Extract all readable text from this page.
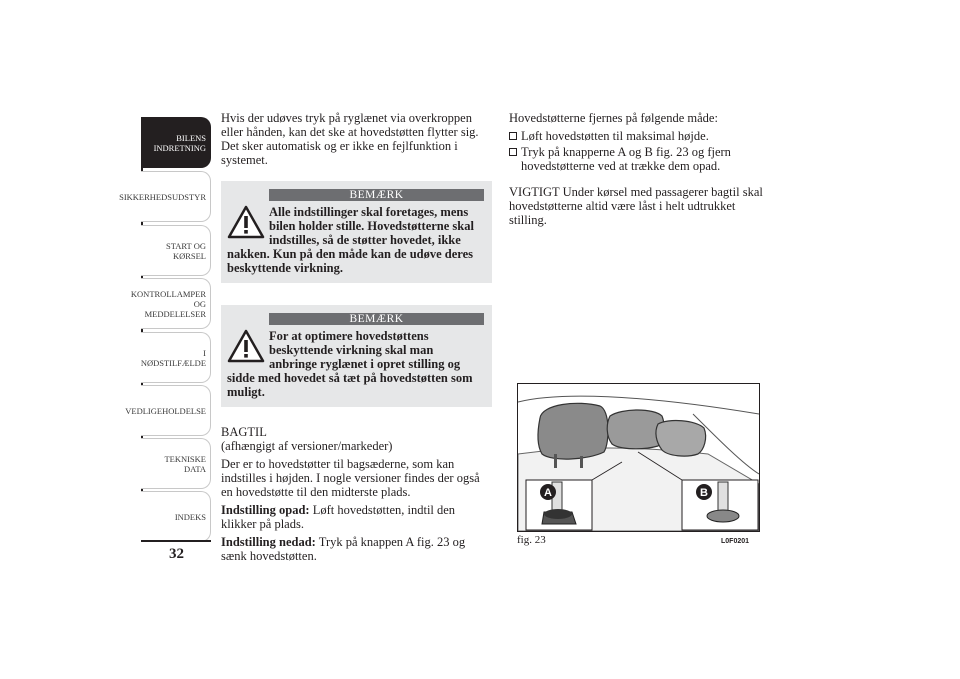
BILENS
INDRETNING
SIKKERHEDSUDSTYR
START OG KØRSEL
KONTROLLAMPER
OG MEDDELELSER
I NØDSTILFÆLDE
VEDLIGEHOLDELSE
TEKNISKE DATA
INDEKS
32

Hvis der udøves tryk på ryglænet via overkroppen eller hånden, kan det ske at hovedstøtten flytter sig. Det sker automatisk og er ikke en fejlfunktion i systemet.

BEMÆRK
Alle indstillinger skal foretages, mens bilen holder stille. Hovedstøtterne skal indstilles, så de støtter hovedet, ikke nakken. Kun på den måde kan de udøve deres beskyttende virkning.
BEMÆRK
For at optimere hovedstøttens beskyttende virkning skal man anbringe ryglænet i opret stilling og sidde med hovedet så tæt på hovedstøtten som muligt.

BAGTIL

(afhængigt af versioner/markeder)

Der er to hovedstøtter til bagsæderne, som kan indstilles i højden. I nogle versioner findes der også en hovedstøtte til den midterste plads.

Indstilling opad: Løft hovedstøtten, indtil den klikker på plads.

Indstilling nedad: Tryk på knappen A fig. 23 og sænk hovedstøtten.

Hovedstøtterne fjernes på følgende måde:

Løft hovedstøtten til maksimal højde.
Tryk på knapperne A og B fig. 23 og fjern hovedstøtterne ved at trække dem opad.

VIGTIGT Under kørsel med passagerer bagtil skal hovedstøtterne altid være låst i helt udtrukket stilling.

A	B
fig. 23	L0F0201
